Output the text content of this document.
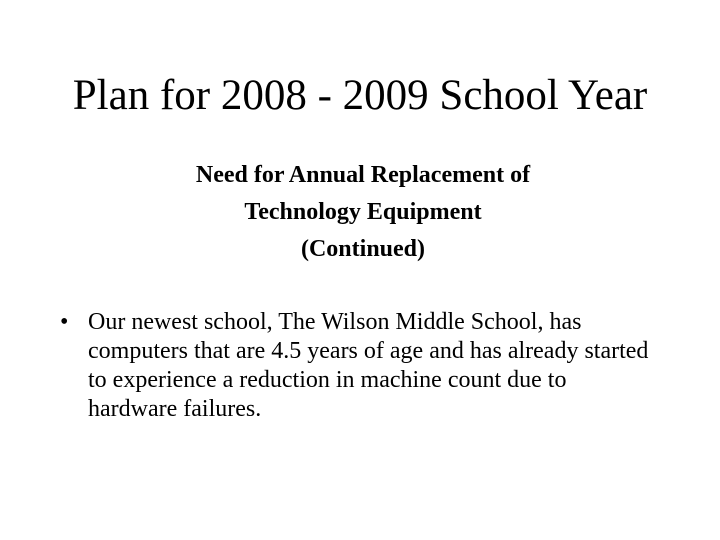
Plan for 2008 - 2009 School Year
Need for Annual Replacement of
Technology Equipment
(Continued)
• Our newest school, The Wilson Middle School, has computers that are 4.5 years of age and has already started to experience a reduction in machine count due to hardware failures.
